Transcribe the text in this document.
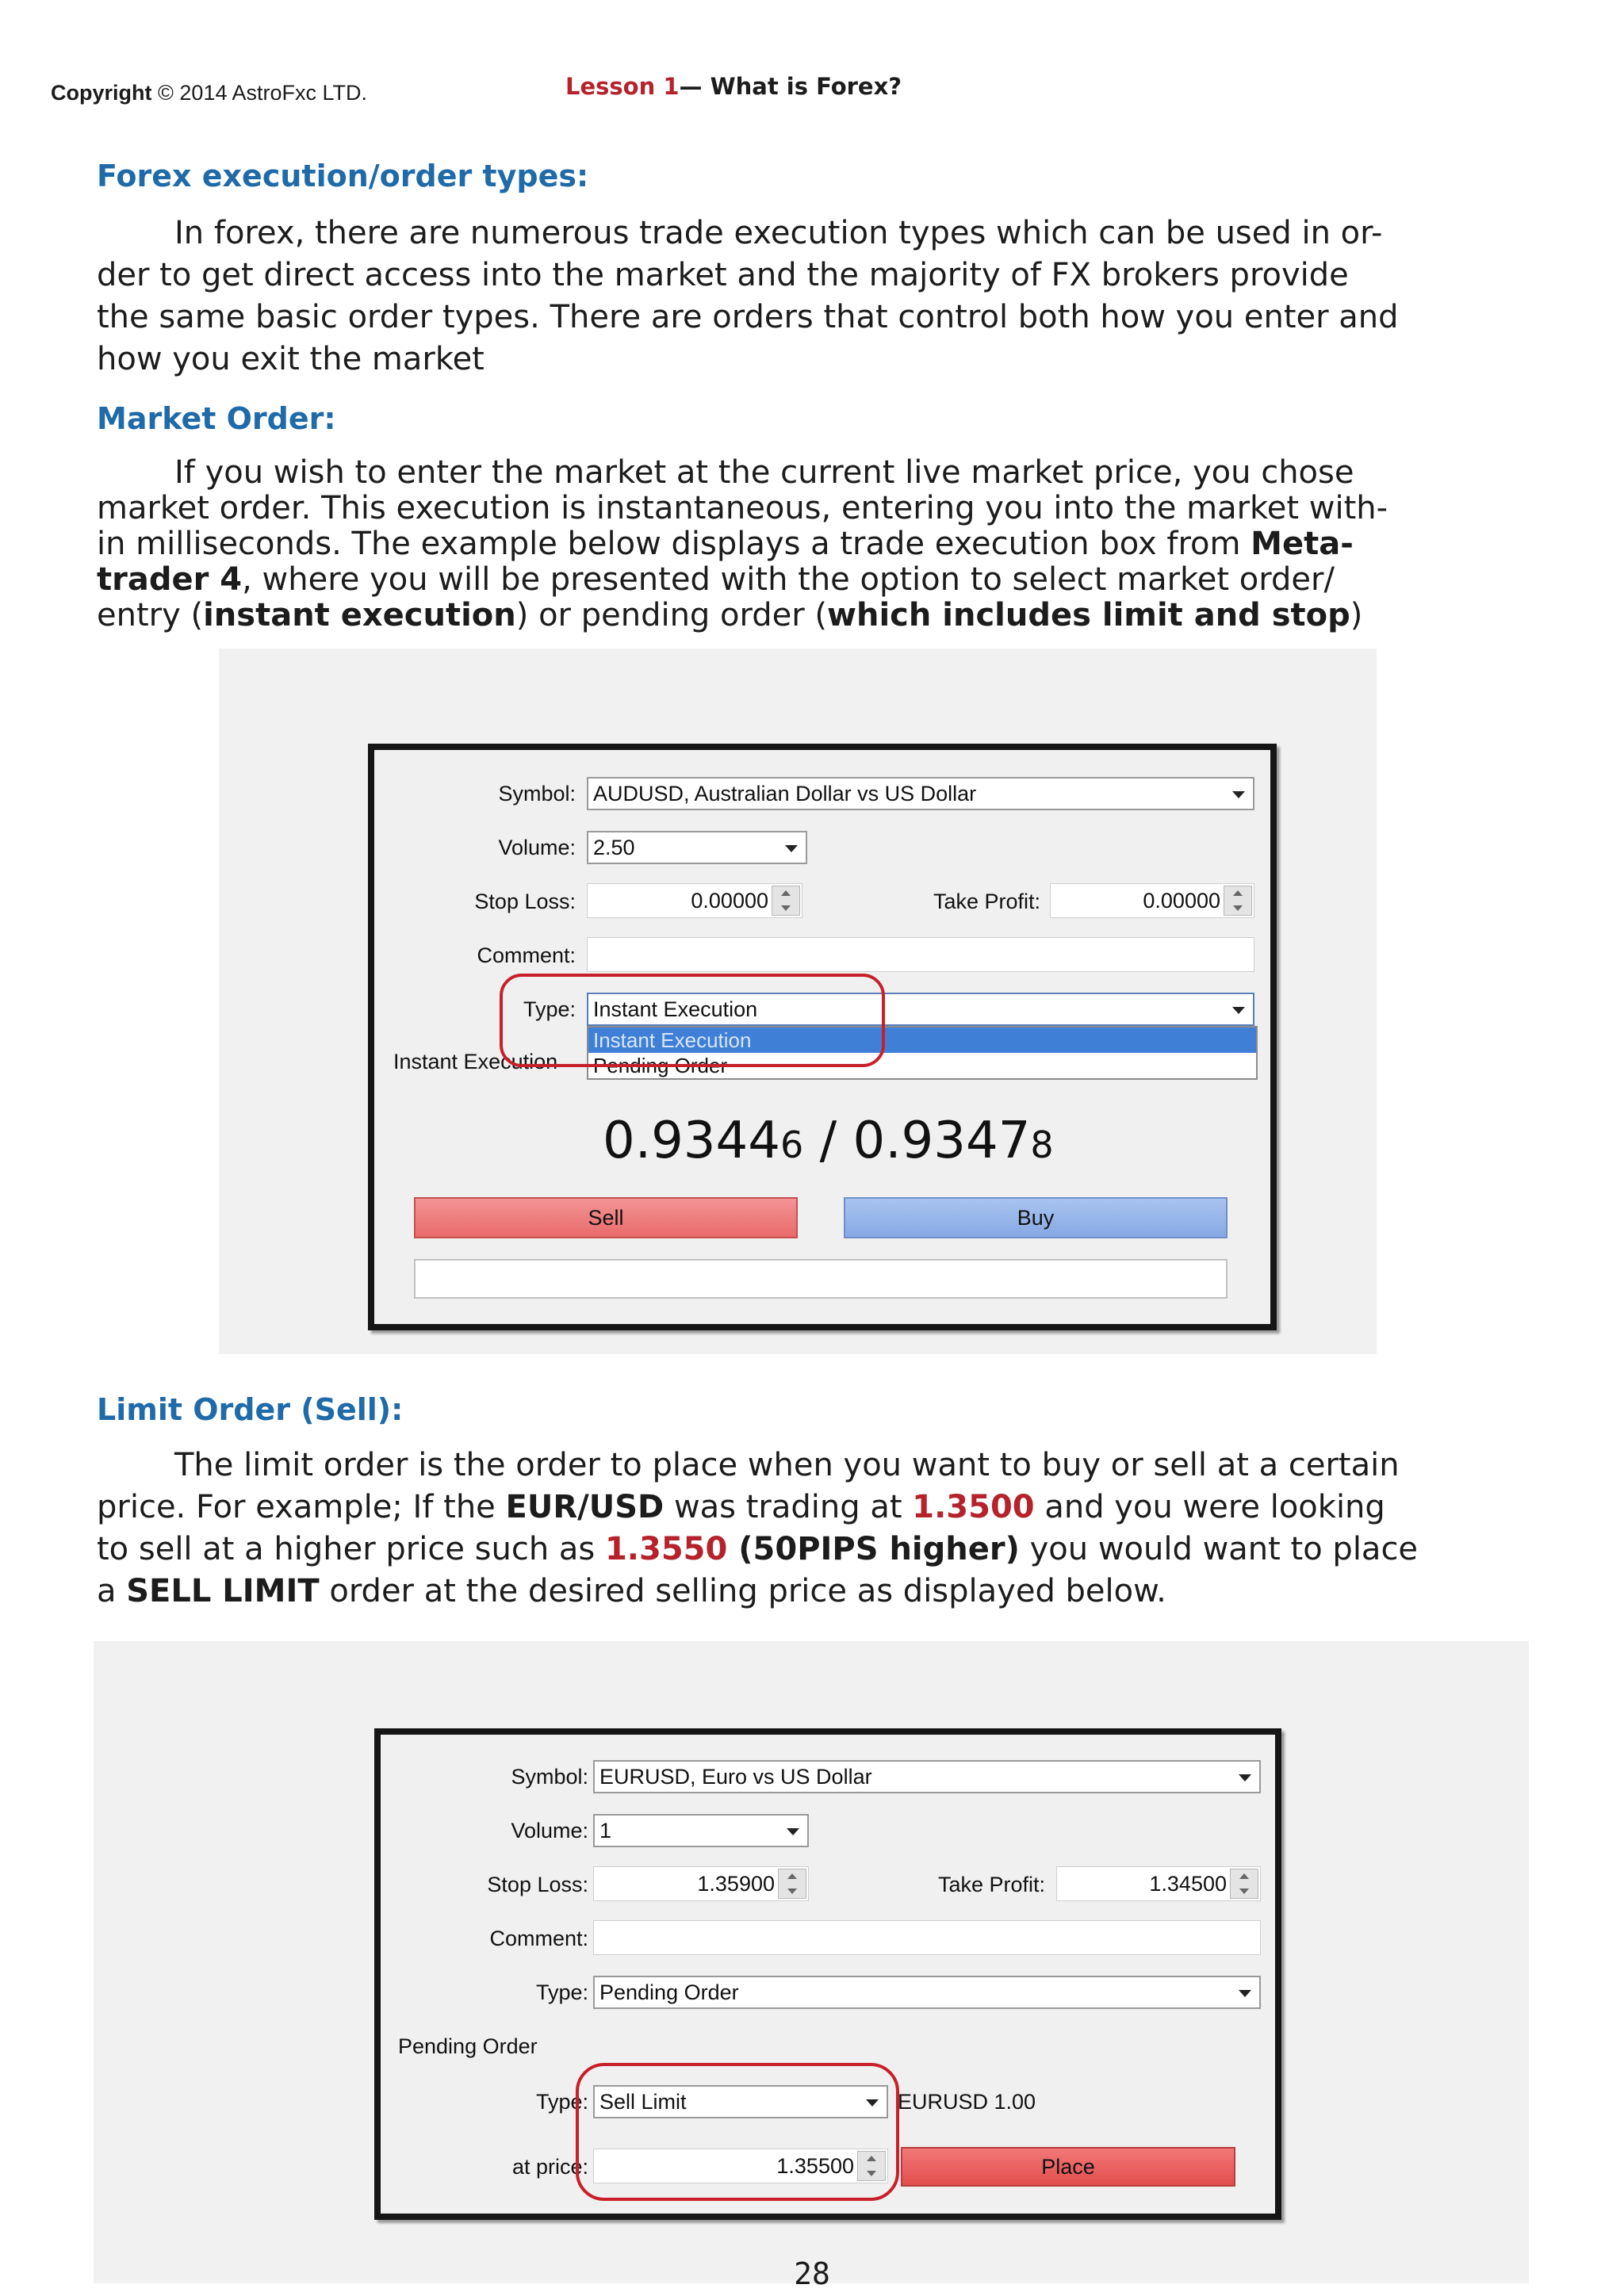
Copyright © 2014 AstroFxc LTD.	Lesson 1— What is Forex?
Forex execution/order types:
In forex, there are numerous trade execution types which can be used in or-
der to get direct access into the market and the majority of FX brokers provide
the same basic order types. There are orders that control both how you enter and
how you exit the market
Market Order:
If you wish to enter the market at the current live market price, you chose
market order. This execution is instantaneous, entering you into the market with-
in milliseconds. The example below displays a trade execution box from Meta-
trader 4, where you will be presented with the option to select market order/
entry (instant execution) or pending order (which includes limit and stop)
Symbol: AUDUSD, Australian Dollar vs US Dollar
Volume: 2.50
Stop Loss:	0.00000	Take Profit:	0.00000
Comment:
Type: Instant Execution
Instant Execution
Pending Order
Instant Execution
0.93446 / 0.93478
Sell	Buy
Limit Order (Sell):
The limit order is the order to place when you want to buy or sell at a certain
price. For example; If the EUR/USD was trading at 1.3500 and you were looking
to sell at a higher price such as 1.3550 (50PIPS higher) you would want to place
a SELL LIMIT order at the desired selling price as displayed below.
Symbol: EURUSD, Euro vs US Dollar
Volume: 1
Stop Loss:	1.35900	Take Profit:	1.34500
Comment:
Type: Pending Order
Pending Order
Type: Sell Limit	EURUSD 1.00
at price:	1.35500	Place
28
